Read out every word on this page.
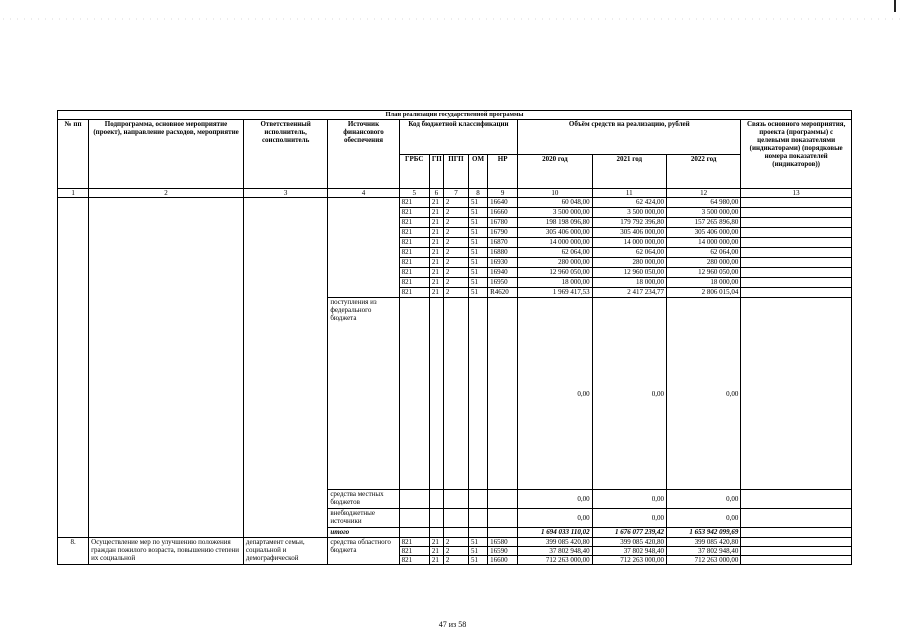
План реализации государственной программы												
№ пп	Подпрограмма, основное мероприятие (проект), направление расходов, мероприятие	Ответственный исполнитель, соисполнитель	Источник финансового обеспечения	Код бюджетной классификации					Объём средств на реализацию, рублей			Связь основного мероприятия, проекта (программы) с целевыми показателями (индикаторами) (порядковые номера показателей (индикаторов))
				ГРБС	ГП	ПГП	ОМ	НР	2020 год	2021 год	2022 год	
1	2	3	4	5	6	7	8	9	10	11	12	13
				821	21	2	51	16640	60 048,00	62 424,00	64 980,00	
				821	21	2	51	16660	3 500 000,00	3 500 000,00	3 500 000,00	
				821	21	2	51	16780	198 198 096,80	179 792 396,80	157 265 896,80	
				821	21	2	51	16790	305 406 000,00	305 406 000,00	305 406 000,00	
				821	21	2	51	16870	14 000 000,00	14 000 000,00	14 000 000,00	
				821	21	2	51	16880	62 064,00	62 064,00	62 064,00	
				821	21	2	51	16930	280 000,00	280 000,00	280 000,00	
				821	21	2	51	16940	12 960 050,00	12 960 050,00	12 960 050,00	
				821	21	2	51	16950	18 000,00	18 000,00	18 000,00	
				821	21	2	51	R4620	1 969 417,53	2 417 234,77	2 806 015,04	
			поступления из федерального бюджета						0,00	0,00	0,00	
			средства местных бюджетов						0,00	0,00	0,00	
			внебюджетные источники						0,00	0,00	0,00	
			итого						1 694 033 110,02	1 676 077 239,42	1 653 942 099,69	
8.	Осуществление мер по улучшению положения граждан пожилого возраста, повышению степени их социальной	департамент семьи, социальной и демографической	средства областного бюджета	821	21	2	51	16580	399 085 420,80	399 085 420,80	399 085 420,80	
				821	21	2	51	16590	37 802 948,40	37 802 948,40	37 802 948,40	
				821	21	2	51	16600	712 263 000,00	712 263 000,00	712 263 000,00	
47 из 58
